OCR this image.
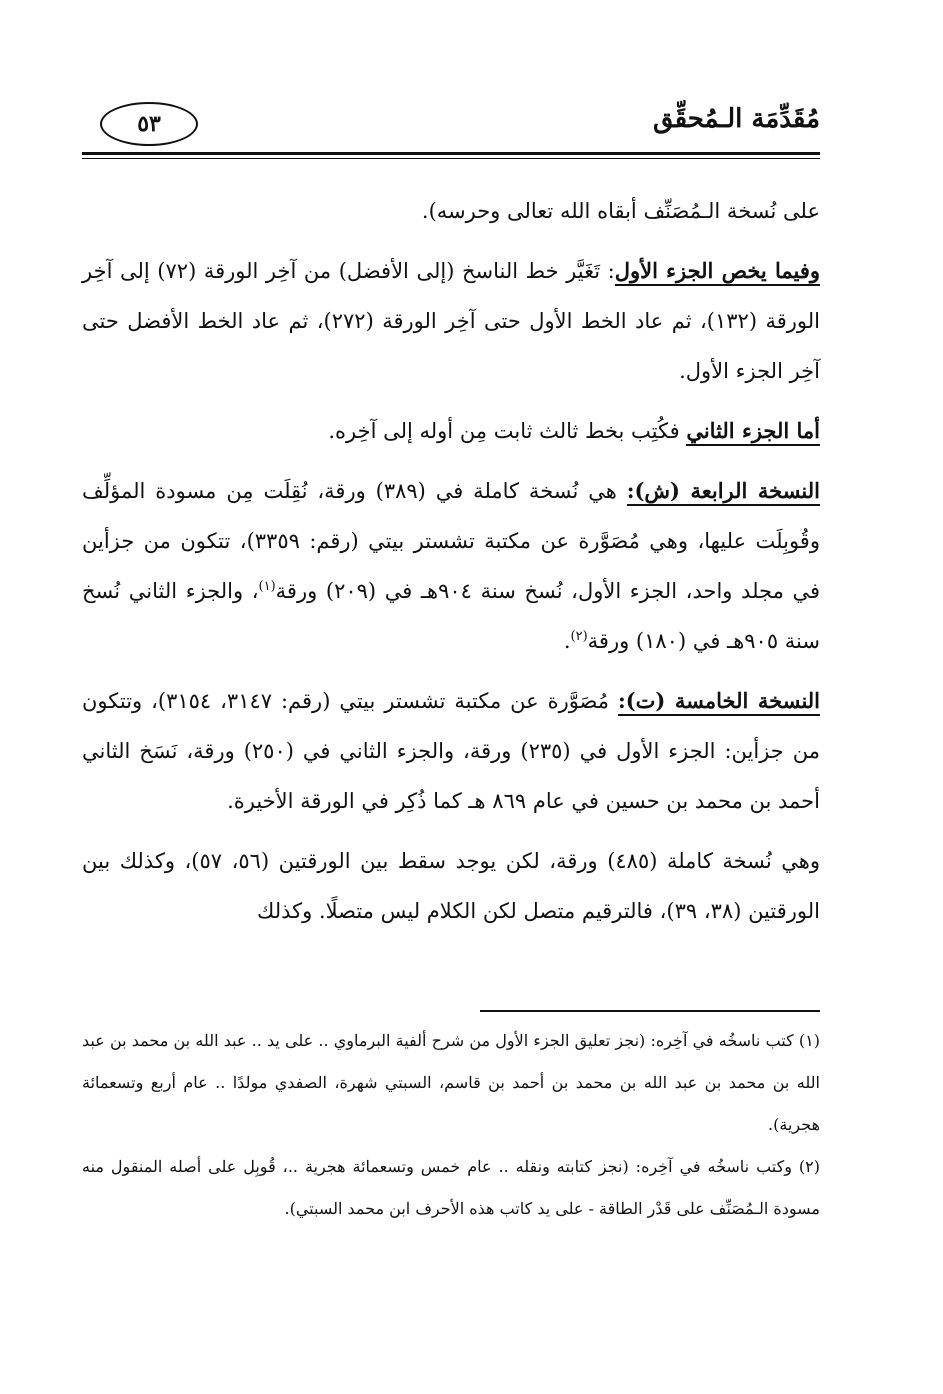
مُقَدِّمَة الـمُحقِّق
٥٣

على نُسخة الـمُصَنِّف أبقاه الله تعالى وحرسه).

وفيما يخص الجزء الأول: تَغَيَّر خط الناسخ (إلى الأفضل) من آخِر الورقة (٧٢) إلى آخِر الورقة (١٣٢)، ثم عاد الخط الأول حتى آخِر الورقة (٢٧٢)، ثم عاد الخط الأفضل حتى آخِر الجزء الأول.

أما الجزء الثاني فكُتِب بخط ثالث ثابت مِن أوله إلى آخِره.

النسخة الرابعة (ش): هي نُسخة كاملة في (٣٨٩) ورقة، نُقِلَت مِن مسودة المؤلِّف وقُوبِلَت عليها، وهي مُصَوَّرة عن مكتبة تشستر بيتي (رقم: ٣٣٥٩)، تتكون من جزأين في مجلد واحد، الجزء الأول، نُسخ سنة ٩٠٤هـ في (٢٠٩) ورقة$^{(١)}$، والجزء الثاني نُسخ سنة ٩٠٥هـ في (١٨٠) ورقة$^{(٢)}$.

النسخة الخامسة (ت): مُصَوَّرة عن مكتبة تشستر بيتي (رقم: ٣١٤٧، ٣١٥٤)، وتتكون من جزأين: الجزء الأول في (٢٣٥) ورقة، والجزء الثاني في (٢٥٠) ورقة، نَسَخ الثاني أحمد بن محمد بن حسين في عام ٨٦٩ هـ كما ذُكِر في الورقة الأخيرة.

وهي نُسخة كاملة (٤٨٥) ورقة، لكن يوجد سقط بين الورقتين (٥٦، ٥٧)، وكذلك بين الورقتين (٣٨، ٣٩)، فالترقيم متصل لكن الكلام ليس متصلًا. وكذلك

(١) كتب ناسخُه في آخِره: (نجز تعليق الجزء الأول من شرح ألفية البرماوي .. على يد .. عبد الله بن محمد بن عبد الله بن محمد بن عبد الله بن محمد بن أحمد بن قاسم، السبتي شهرة، الصفدي مولدًا .. عام أربع وتسعمائة هجرية).

(٢) وكتب ناسخُه في آخِره: (نجز كتابته ونقله .. عام خمس وتسعمائة هجرية ..، قُوبِل على أصله المنقول منه مسودة الـمُصَنِّف على قَدْر الطاقة - على يد كاتب هذه الأحرف ابن محمد السبتي).
